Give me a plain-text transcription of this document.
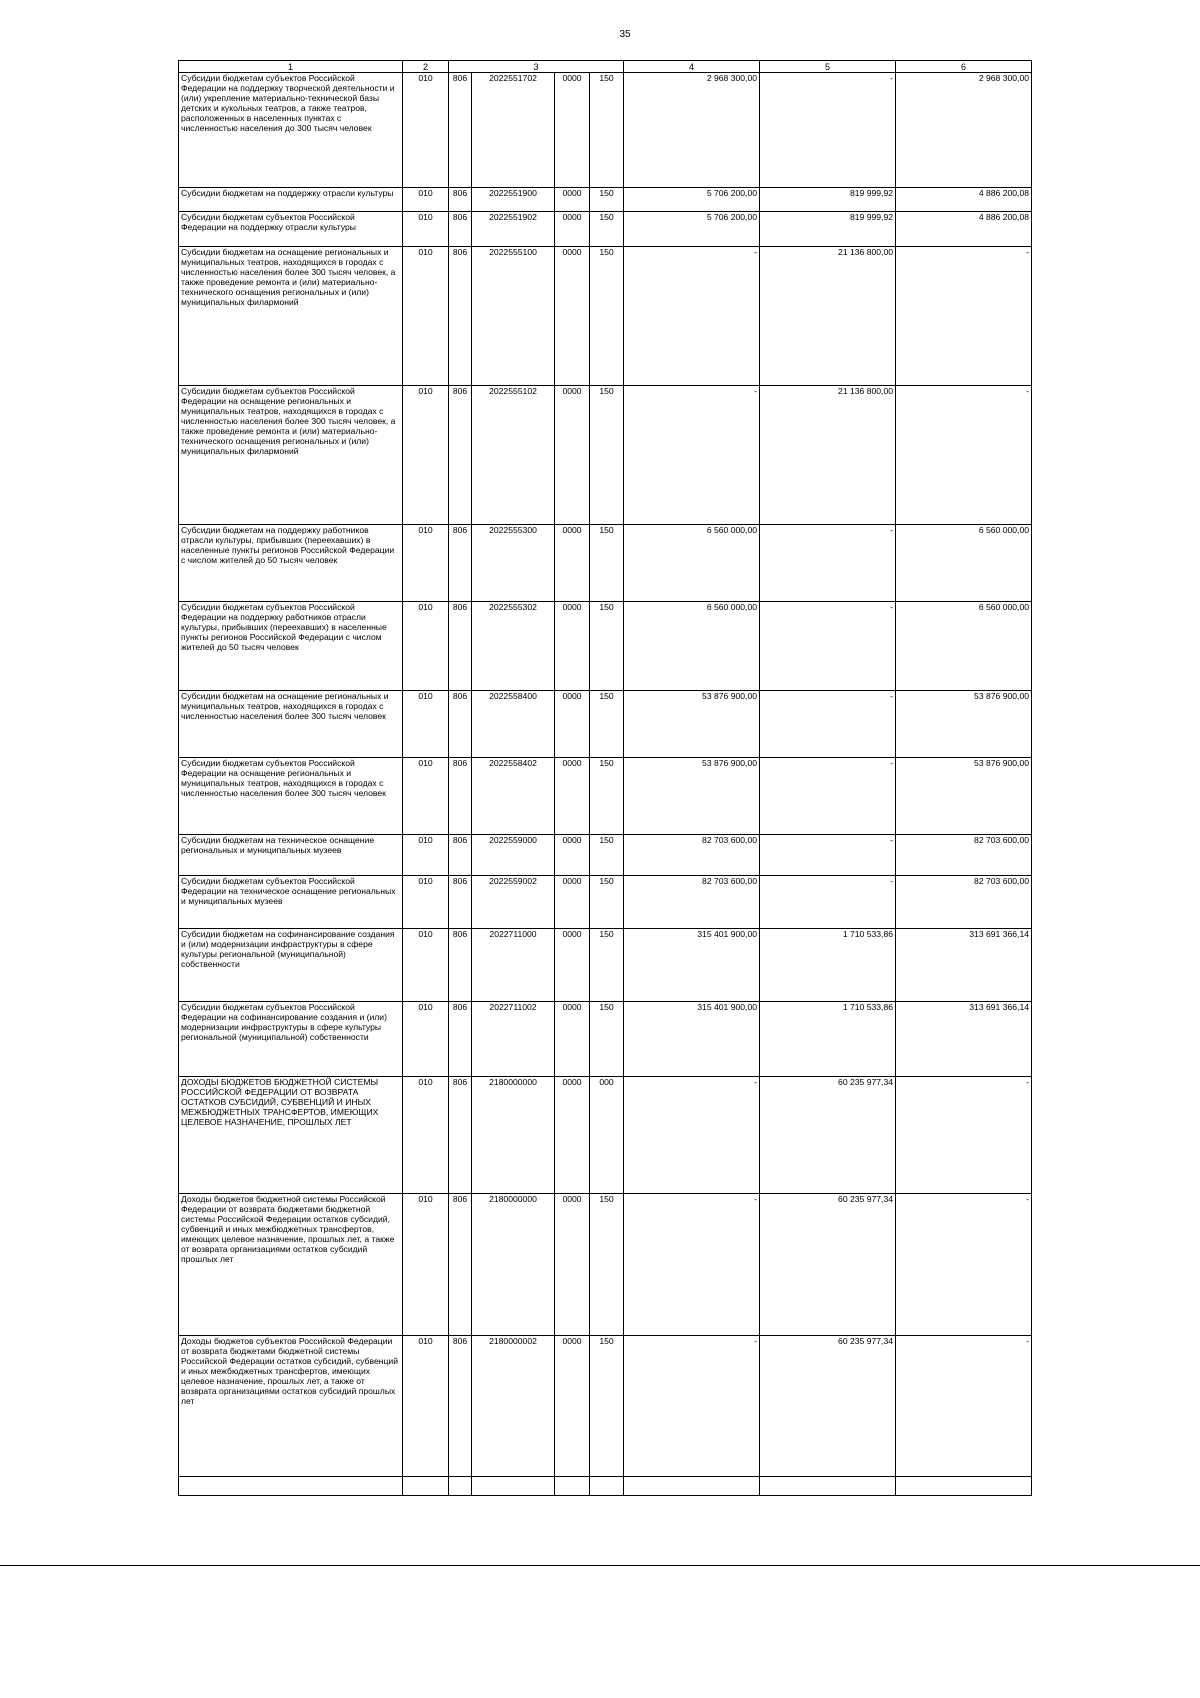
35
1	2	3				4	5	6
Субсидии бюджетам субъектов Российской Федерации на поддержку творческой деятельности и (или) укрепление материально-технической базы детских и кукольных театров, а также театров, расположенных в населенных пунктах с численностью населения до 300 тысяч человек	010	806	2022551702	0000	150	2 968 300,00	-	2 968 300,00
Субсидии бюджетам на поддержку отрасли культуры	010	806	2022551900	0000	150	5 706 200,00	819 999,92	4 886 200,08
Субсидии бюджетам субъектов Российской Федерации на поддержку отрасли культуры	010	806	2022551902	0000	150	5 706 200,00	819 999,92	4 886 200,08
Субсидии бюджетам на оснащение региональных и муниципальных театров, находящихся в городах с численностью населения более 300 тысяч человек, а также проведение ремонта и (или) материально-технического оснащения региональных и (или) муниципальных филармоний	010	806	2022555100	0000	150	-	21 136 800,00	-
Субсидии бюджетам субъектов Российской Федерации на оснащение региональных и муниципальных театров, находящихся в городах с численностью населения более 300 тысяч человек, а также проведение ремонта и (или) материально-технического оснащения региональных и (или) муниципальных филармоний	010	806	2022555102	0000	150	-	21 136 800,00	-
Субсидии бюджетам на поддержку работников отрасли культуры, прибывших (переехавших) в населенные пункты регионов Российской Федерации с числом жителей до 50 тысяч человек	010	806	2022555300	0000	150	6 560 000,00	-	6 560 000,00
Субсидии бюджетам субъектов Российской Федерации на поддержку работников отрасли культуры, прибывших (переехавших) в населенные пункты регионов Российской Федерации с числом жителей до 50 тысяч человек	010	806	2022555302	0000	150	6 560 000,00	-	6 560 000,00
Субсидии бюджетам на оснащение региональных и муниципальных театров, находящихся в городах с численностью населения более 300 тысяч человек	010	806	2022558400	0000	150	53 876 900,00	-	53 876 900,00
Субсидии бюджетам субъектов Российской Федерации на оснащение региональных и муниципальных театров, находящихся в городах с численностью населения более 300 тысяч человек	010	806	2022558402	0000	150	53 876 900,00	-	53 876 900,00
Субсидии бюджетам на техническое оснащение региональных и муниципальных музеев	010	806	2022559000	0000	150	82 703 600,00	-	82 703 600,00
Субсидии бюджетам субъектов Российской Федерации на техническое оснащение региональных и муниципальных музеев	010	806	2022559002	0000	150	82 703 600,00	-	82 703 600,00
Субсидии бюджетам на софинансирование создания и (или) модернизации инфраструктуры в сфере культуры региональной (муниципальной) собственности	010	806	2022711000	0000	150	315 401 900,00	1 710 533,86	313 691 366,14
Субсидии бюджетам субъектов Российской Федерации на софинансирование создания и (или) модернизации инфраструктуры в сфере культуры региональной (муниципальной) собственности	010	806	2022711002	0000	150	315 401 900,00	1 710 533,86	313 691 366,14
ДОХОДЫ БЮДЖЕТОВ БЮДЖЕТНОЙ СИСТЕМЫ РОССИЙСКОЙ ФЕДЕРАЦИИ ОТ ВОЗВРАТА ОСТАТКОВ СУБСИДИЙ, СУБВЕНЦИЙ И ИНЫХ МЕЖБЮДЖЕТНЫХ ТРАНСФЕРТОВ, ИМЕЮЩИХ ЦЕЛЕВОЕ НАЗНАЧЕНИЕ, ПРОШЛЫХ ЛЕТ	010	806	2180000000	0000	000	-	60 235 977,34	-
Доходы бюджетов бюджетной системы Российской Федерации от возврата бюджетами бюджетной системы Российской Федерации остатков субсидий, субвенций и иных межбюджетных трансфертов, имеющих целевое назначение, прошлых лет, а также от возврата организациями остатков субсидий прошлых лет	010	806	2180000000	0000	150	-	60 235 977,34	-
Доходы бюджетов субъектов Российской Федерации от возврата бюджетами бюджетной системы Российской Федерации остатков субсидий, субвенций и иных межбюджетных трансфертов, имеющих целевое назначение, прошлых лет, а также от возврата организациями остатков субсидий прошлых лет	010	806	2180000002	0000	150	-	60 235 977,34	-
